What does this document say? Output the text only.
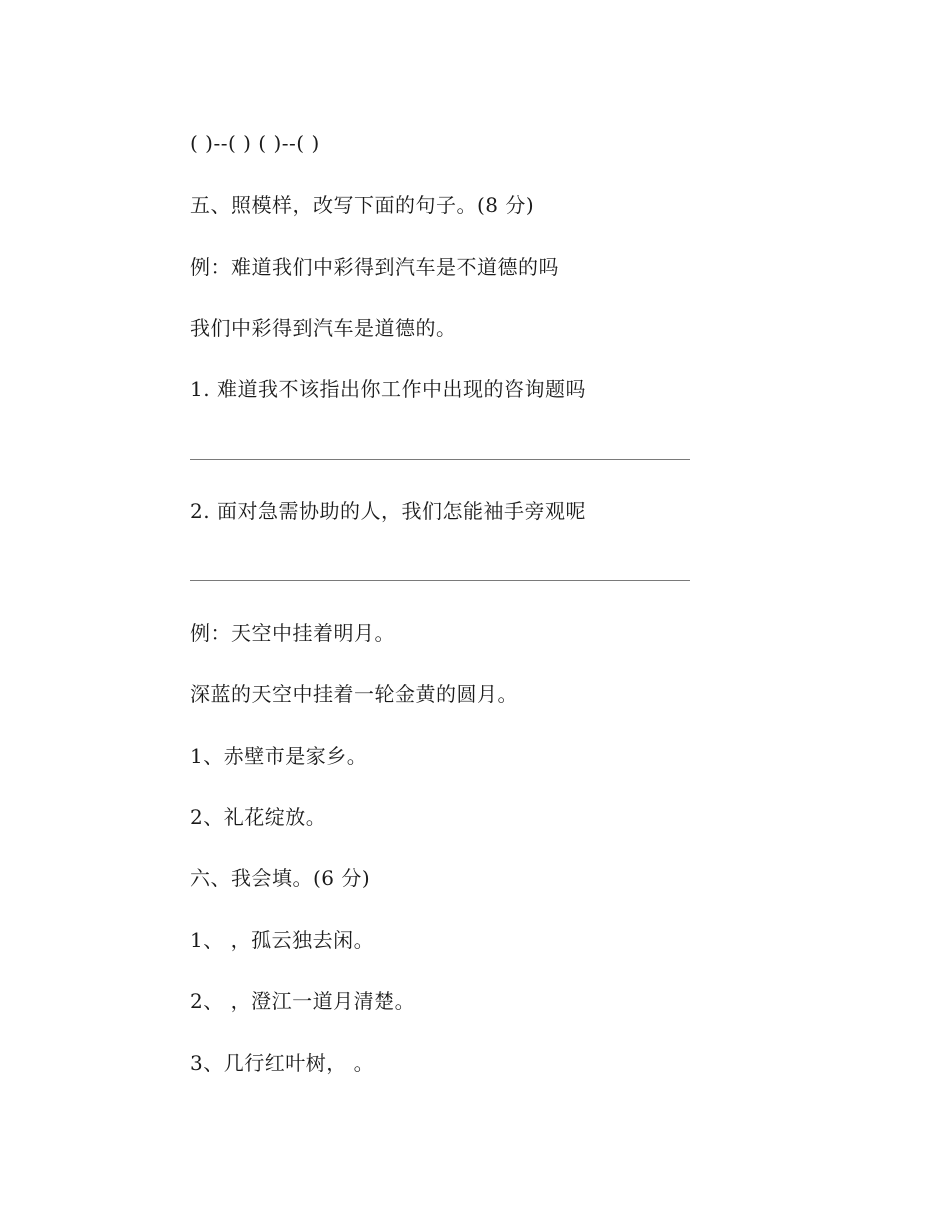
( )--( ) ( )--( )
五、照模样，改写下面的句子。(8 分)
例：难道我们中彩得到汽车是不道德的吗
我们中彩得到汽车是道德的。
1. 难道我不该指出你工作中出现的咨询题吗
2. 面对急需协助的人，我们怎能袖手旁观呢
例：天空中挂着明月。
深蓝的天空中挂着一轮金黄的圆月。
1、赤壁市是家乡。
2、礼花绽放。
六、我会填。(6 分)
1、 ，孤云独去闲。
2、 ，澄江一道月清楚。
3、几行红叶树， 。
